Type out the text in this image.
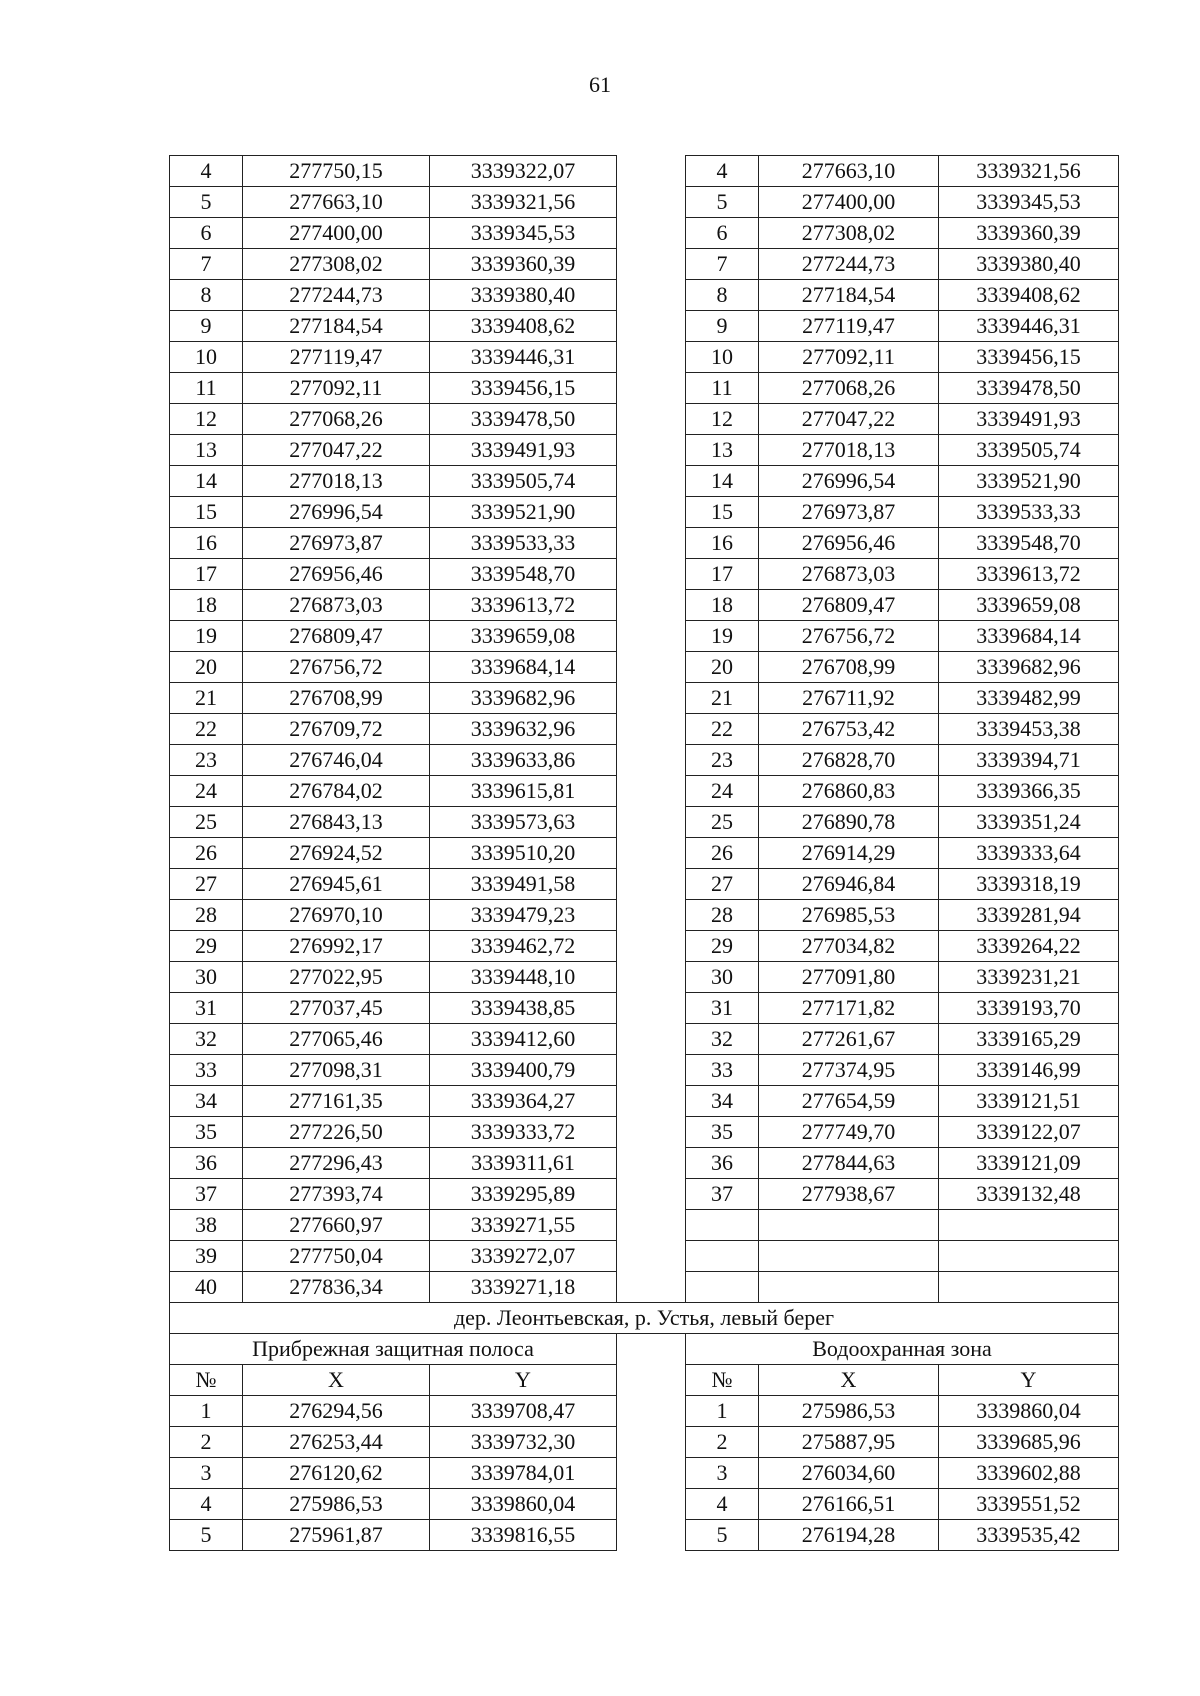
61
4	277750,15	3339322,07		4	277663,10	3339321,56
5	277663,10	3339321,56		5	277400,00	3339345,53
6	277400,00	3339345,53		6	277308,02	3339360,39
7	277308,02	3339360,39		7	277244,73	3339380,40
8	277244,73	3339380,40		8	277184,54	3339408,62
9	277184,54	3339408,62		9	277119,47	3339446,31
10	277119,47	3339446,31		10	277092,11	3339456,15
11	277092,11	3339456,15		11	277068,26	3339478,50
12	277068,26	3339478,50		12	277047,22	3339491,93
13	277047,22	3339491,93		13	277018,13	3339505,74
14	277018,13	3339505,74		14	276996,54	3339521,90
15	276996,54	3339521,90		15	276973,87	3339533,33
16	276973,87	3339533,33		16	276956,46	3339548,70
17	276956,46	3339548,70		17	276873,03	3339613,72
18	276873,03	3339613,72		18	276809,47	3339659,08
19	276809,47	3339659,08		19	276756,72	3339684,14
20	276756,72	3339684,14		20	276708,99	3339682,96
21	276708,99	3339682,96		21	276711,92	3339482,99
22	276709,72	3339632,96		22	276753,42	3339453,38
23	276746,04	3339633,86		23	276828,70	3339394,71
24	276784,02	3339615,81		24	276860,83	3339366,35
25	276843,13	3339573,63		25	276890,78	3339351,24
26	276924,52	3339510,20		26	276914,29	3339333,64
27	276945,61	3339491,58		27	276946,84	3339318,19
28	276970,10	3339479,23		28	276985,53	3339281,94
29	276992,17	3339462,72		29	277034,82	3339264,22
30	277022,95	3339448,10		30	277091,80	3339231,21
31	277037,45	3339438,85		31	277171,82	3339193,70
32	277065,46	3339412,60		32	277261,67	3339165,29
33	277098,31	3339400,79		33	277374,95	3339146,99
34	277161,35	3339364,27		34	277654,59	3339121,51
35	277226,50	3339333,72		35	277749,70	3339122,07
36	277296,43	3339311,61		36	277844,63	3339121,09
37	277393,74	3339295,89		37	277938,67	3339132,48
38	277660,97	3339271,55				
39	277750,04	3339272,07				
40	277836,34	3339271,18				
дер. Леонтьевская, р. Устья, левый берег						
Прибрежная защитная полоса				Водоохранная зона		
№	X	Y		№	X	Y
1	276294,56	3339708,47		1	275986,53	3339860,04
2	276253,44	3339732,30		2	275887,95	3339685,96
3	276120,62	3339784,01		3	276034,60	3339602,88
4	275986,53	3339860,04		4	276166,51	3339551,52
5	275961,87	3339816,55		5	276194,28	3339535,42
